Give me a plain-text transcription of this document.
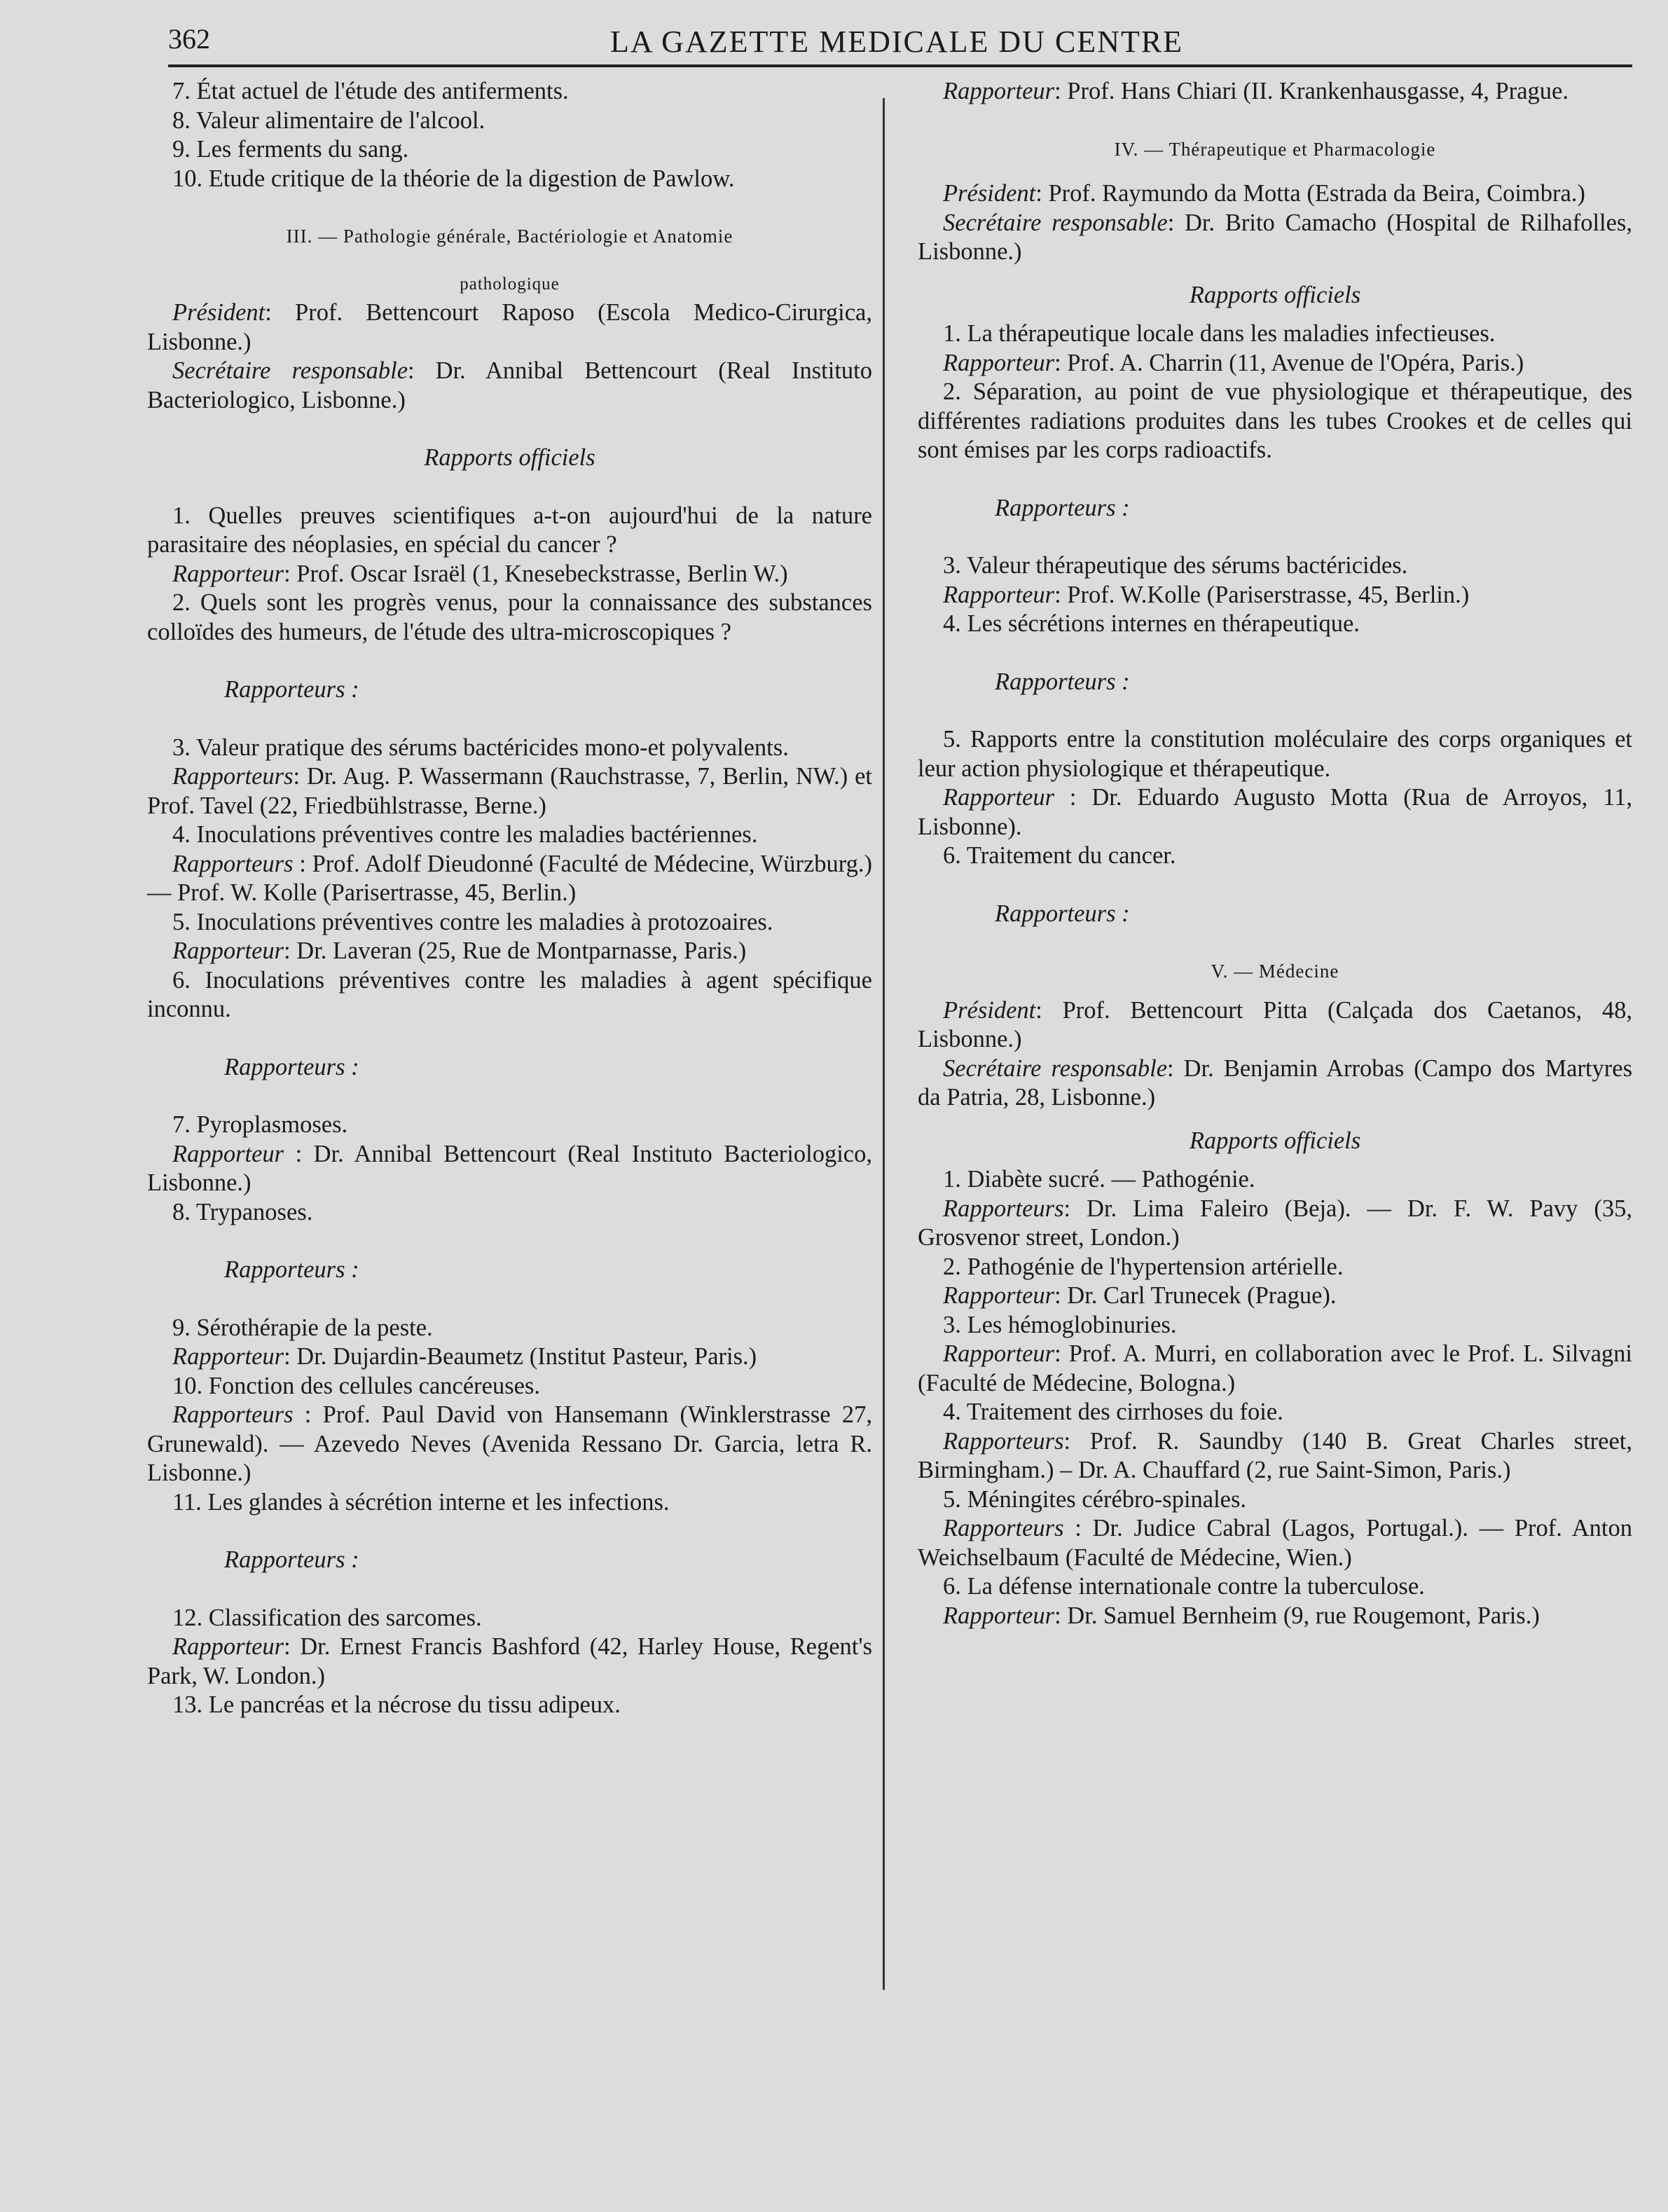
362	LA GAZETTE MEDICALE DU CENTRE

7. État actuel de l'étude des antiferments.

8. Valeur alimentaire de l'alcool.

9. Les ferments du sang.

10. Etude critique de la théorie de la digestion de Pawlow.

III. — Pathologie générale, Bactériologie et Anatomie

pathologique

Président: Prof. Bettencourt Raposo (Escola Medico-Cirurgica, Lisbonne.)

Secrétaire responsable: Dr. Annibal Bettencourt (Real Instituto Bacteriologico, Lisbonne.)

Rapports officiels

1. Quelles preuves scientifiques a-t-on aujourd'hui de la nature parasitaire des néoplasies, en spécial du cancer ?

Rapporteur: Prof. Oscar Israël (1, Knesebeckstrasse, Berlin W.)

2. Quels sont les progrès venus, pour la connaissance des substances colloïdes des humeurs, de l'étude des ultra-microscopiques ?

Rapporteurs :

3. Valeur pratique des sérums bactéricides mono-et polyvalents.

Rapporteurs: Dr. Aug. P. Wassermann (Rauchstrasse, 7, Berlin, NW.) et Prof. Tavel (22, Friedbühlstrasse, Berne.)

4. Inoculations préventives contre les maladies bactériennes.

Rapporteurs : Prof. Adolf Dieudonné (Faculté de Médecine, Würzburg.) — Prof. W. Kolle (Parisertrasse, 45, Berlin.)

5. Inoculations préventives contre les maladies à protozoaires.

Rapporteur: Dr. Laveran (25, Rue de Montparnasse, Paris.)

6. Inoculations préventives contre les maladies à agent spécifique inconnu.

Rapporteurs :

7. Pyroplasmoses.

Rapporteur : Dr. Annibal Bettencourt (Real Instituto Bacteriologico, Lisbonne.)

8. Trypanoses.

Rapporteurs :

9. Sérothérapie de la peste.

Rapporteur: Dr. Dujardin-Beaumetz (Institut Pasteur, Paris.)

10. Fonction des cellules cancéreuses.

Rapporteurs : Prof. Paul David von Hansemann (Winklerstrasse 27, Grunewald). — Azevedo Neves (Avenida Ressano Dr. Garcia, letra R. Lisbonne.)

11. Les glandes à sécrétion interne et les infections.

Rapporteurs :

12. Classification des sarcomes.

Rapporteur: Dr. Ernest Francis Bashford (42, Harley House, Regent's Park, W. London.)

13. Le pancréas et la nécrose du tissu adipeux.

Rapporteur: Prof. Hans Chiari (II. Krankenhausgasse, 4, Prague.

IV. — Thérapeutique et Pharmacologie

Président: Prof. Raymundo da Motta (Estrada da Beira, Coimbra.)

Secrétaire responsable: Dr. Brito Camacho (Hospital de Rilhafolles, Lisbonne.)

Rapports officiels

1. La thérapeutique locale dans les maladies infectieuses.

Rapporteur: Prof. A. Charrin (11, Avenue de l'Opéra, Paris.)

2. Séparation, au point de vue physiologique et thérapeutique, des différentes radiations produites dans les tubes Crookes et de celles qui sont émises par les corps radioactifs.

Rapporteurs :

3. Valeur thérapeutique des sérums bactéricides.

Rapporteur: Prof. W.Kolle (Pariserstrasse, 45, Berlin.)

4. Les sécrétions internes en thérapeutique.

Rapporteurs :

5. Rapports entre la constitution moléculaire des corps organiques et leur action physiologique et thérapeutique.

Rapporteur : Dr. Eduardo Augusto Motta (Rua de Arroyos, 11, Lisbonne).

6. Traitement du cancer.

Rapporteurs :

V. — Médecine

Président: Prof. Bettencourt Pitta (Calçada dos Caetanos, 48, Lisbonne.)

Secrétaire responsable: Dr. Benjamin Arrobas (Campo dos Martyres da Patria, 28, Lisbonne.)

Rapports officiels

1. Diabète sucré. — Pathogénie.

Rapporteurs: Dr. Lima Faleiro (Beja). — Dr. F. W. Pavy (35, Grosvenor street, London.)

2. Pathogénie de l'hypertension artérielle.

Rapporteur: Dr. Carl Trunecek (Prague).

3. Les hémoglobinuries.

Rapporteur: Prof. A. Murri, en collaboration avec le Prof. L. Silvagni (Faculté de Médecine, Bologna.)

4. Traitement des cirrhoses du foie.

Rapporteurs: Prof. R. Saundby (140 B. Great Charles street, Birmingham.) – Dr. A. Chauffard (2, rue Saint-Simon, Paris.)

5. Méningites cérébro-spinales.

Rapporteurs : Dr. Judice Cabral (Lagos, Portugal.). — Prof. Anton Weichselbaum (Faculté de Médecine, Wien.)

6. La défense internationale contre la tuberculose.

Rapporteur: Dr. Samuel Bernheim (9, rue Rougemont, Paris.)
